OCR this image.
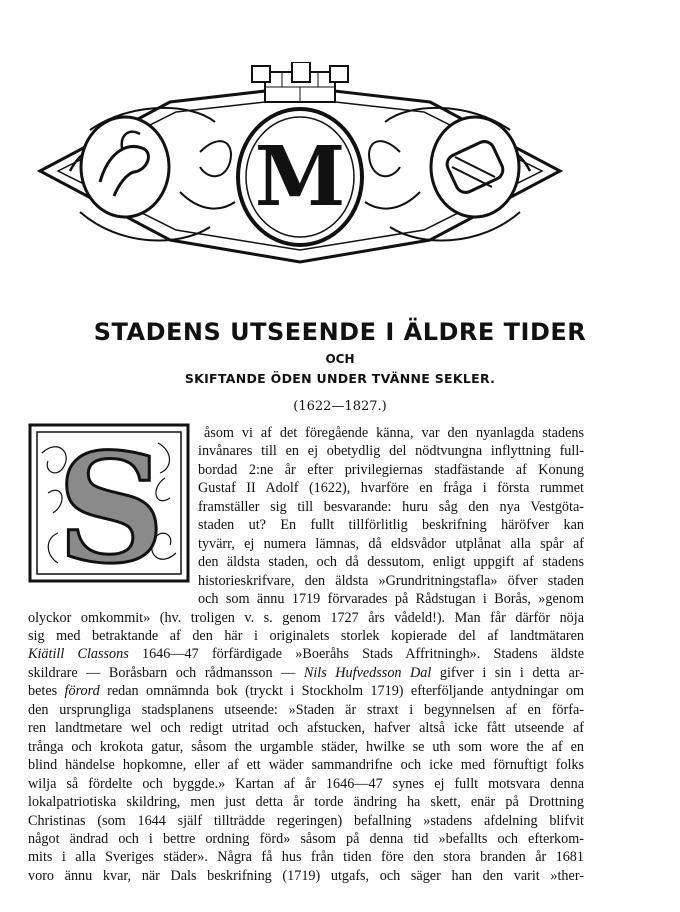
M
STADENS UTSEENDE I ÄLDRE TIDER
OCH
SKIFTANDE ÖDEN UNDER TVÄNNE SEKLER.
(1622—1827.)
S	åsom vi af det föregående känna, var den nyanlagda stadens
invånares till en ej obetydlig del nödtvungna inflyttning full-
bordad 2:ne år efter privilegiernas stadfästande af Konung
Gustaf II Adolf (1622), hvarföre en fråga i första rummet
framställer sig till besvarande: huru såg den nya Vestgöta-
staden ut? En fullt tillförlitlig beskrifning häröfver kan
tyvärr, ej numera lämnas, då eldsvådor utplånat alla spår af
den äldsta staden, och då dessutom, enligt uppgift af stadens
historieskrifvare, den äldsta »Grundritningstafla» öfver staden
och som ännu 1719 förvarades på Rådstugan i Borås, »genom
olyckor omkommit» (hv. troligen v. s. genom 1727 års vådeld!). Man får därför nöja
sig med betraktande af den här i originalets storlek kopierade del af landtmätaren
Kiätill Classons 1646—47 förfärdigade »Boeråhs Stads Affritningh». Stadens äldste
skildrare — Boråsbarn och rådmansson — Nils Hufvedsson Dal gifver i sin i detta ar-
betes förord redan omnämnda bok (tryckt i Stockholm 1719) efterföljande antydningar om
den ursprungliga stadsplanens utseende: »Staden är straxt i begynnelsen af en förfa-
ren landtmetare wel och redigt utritad och afstucken, hafver altså icke fått utseende af
trånga och krokota gatur, såsom the urgamble städer, hwilke se uth som wore the af en
blind händelse hopkomne, eller af ett wäder sammandrifne och icke med förnuftigt folks
wilja så fördelte och byggde.» Kartan af år 1646—47 synes ej fullt motsvara denna
lokalpatriotiska skildring, men just detta år torde ändring ha skett, enär på Drottning
Christinas (som 1644 själf tillträdde regeringen) befallning »stadens afdelning blifvit
något ändrad och i bettre ordning förd» såsom på denna tid »befallts och efterkom-
mits i alla Sveriges städer». Några få hus från tiden före den stora branden år 1681
voro ännu kvar, när Dals beskrifning (1719) utgafs, och säger han den varit »ther-
